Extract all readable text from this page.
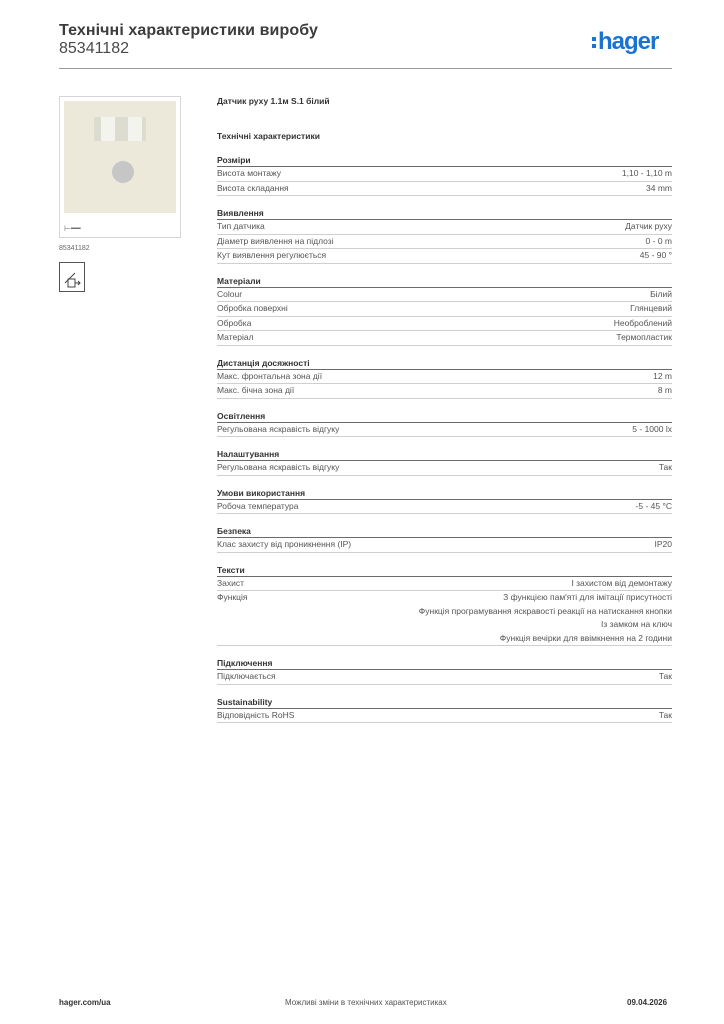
Технічні характеристики виробу
85341182	hager
⊢━━
85341182
Датчик руху 1.1м S.1 білий
Технічні характеристики
Розміри
Висота монтажу	1,10 - 1,10 m
Висота складання	34 mm
Виявлення
Тип датчика	Датчик руху
Діаметр виявлення на підлозі	0 - 0 m
Кут виявлення регулюється	45 - 90 °
Матеріали
Colour	Білий
Обробка поверхні	Глянцевий
Обробка	Необроблений
Матеріал	Термопластик
Дистанція досяжності
Макс. фронтальна зона дії	12 m
Макс. бічна зона дії	8 m
Освітлення
Регульована яскравість відгуку	5 - 1000 lx
Налаштування
Регульована яскравість відгуку	Так
Умови використання
Робоча температура	-5 - 45 °C
Безпека
Клас захисту від проникнення (IP)	IP20
Тексти
Захист	І захистом від демонтажу
Функція	З функцією пам'яті для імітації присутності
Функція програмування яскравості реакції на натискання кнопки
Із замком на ключ
Функція вечірки для ввімкнення на 2 години
Підключення
Підключається	Так
Sustainability
Відповідність RoHS	Так
hager.com/ua	Можливі зміни в технічних характеристиках	09.04.2026
